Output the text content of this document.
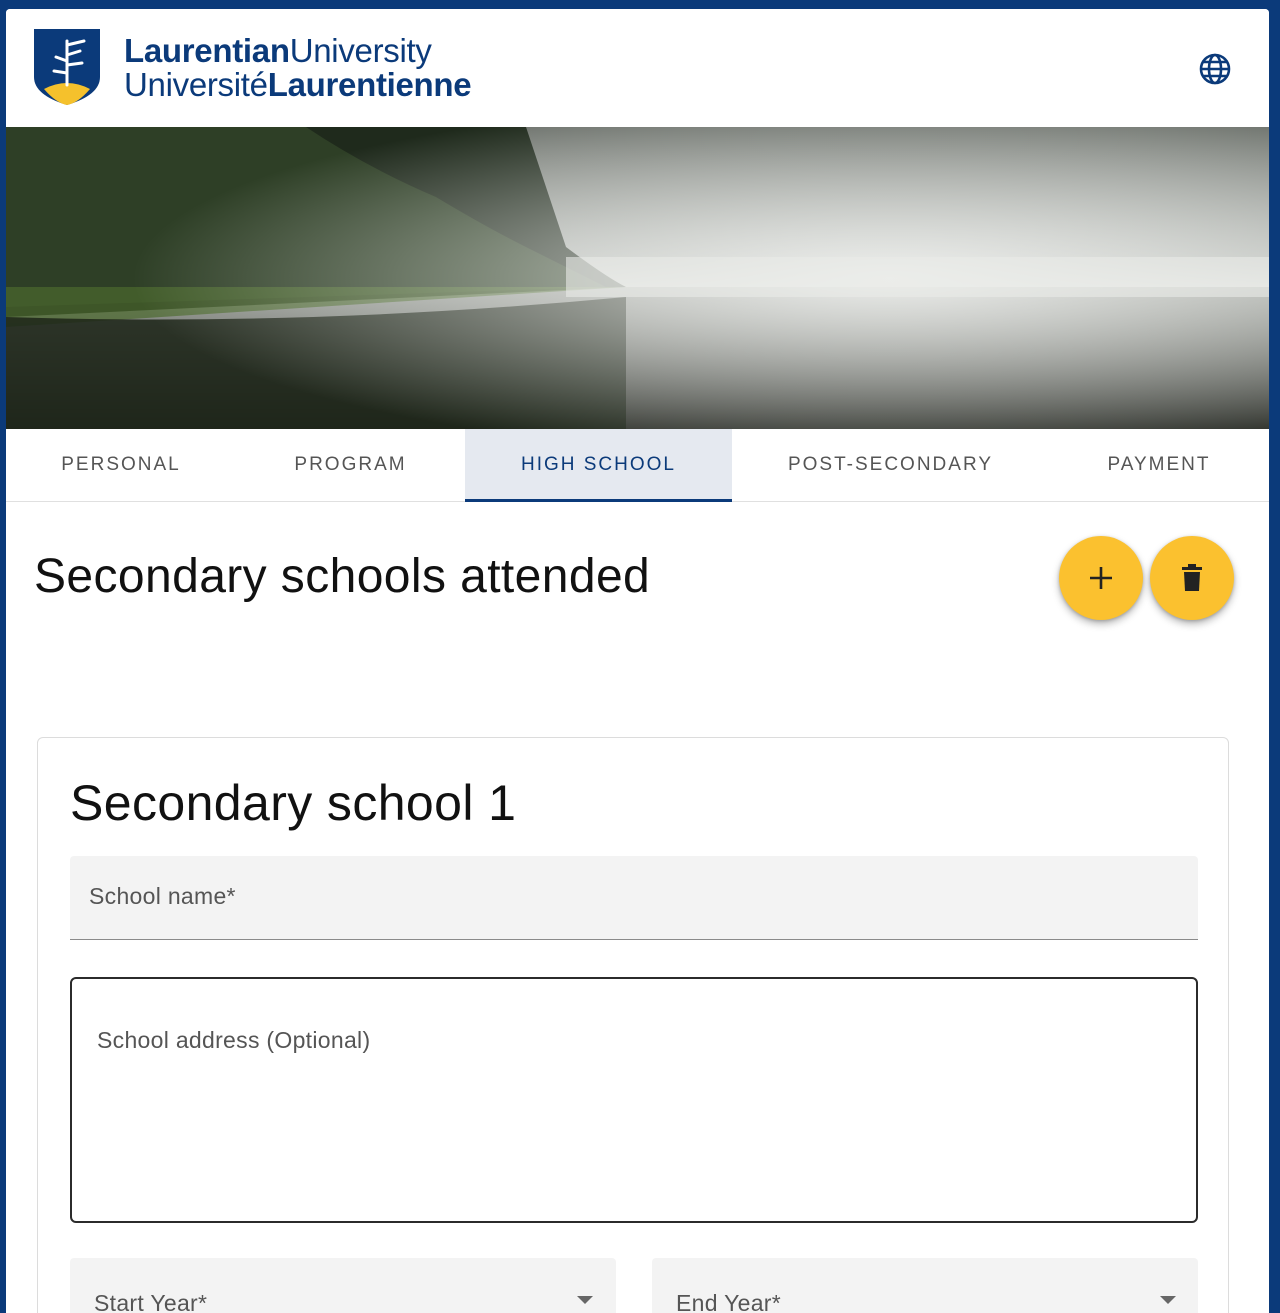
LaurentianUniversity
UniversitéLaurentienne
PERSONAL	PROGRAM	HIGH SCHOOL	POST-SECONDARY	PAYMENT
Secondary schools attended
Secondary school 1
School name*
School address (Optional)
Start Year*	End Year*
